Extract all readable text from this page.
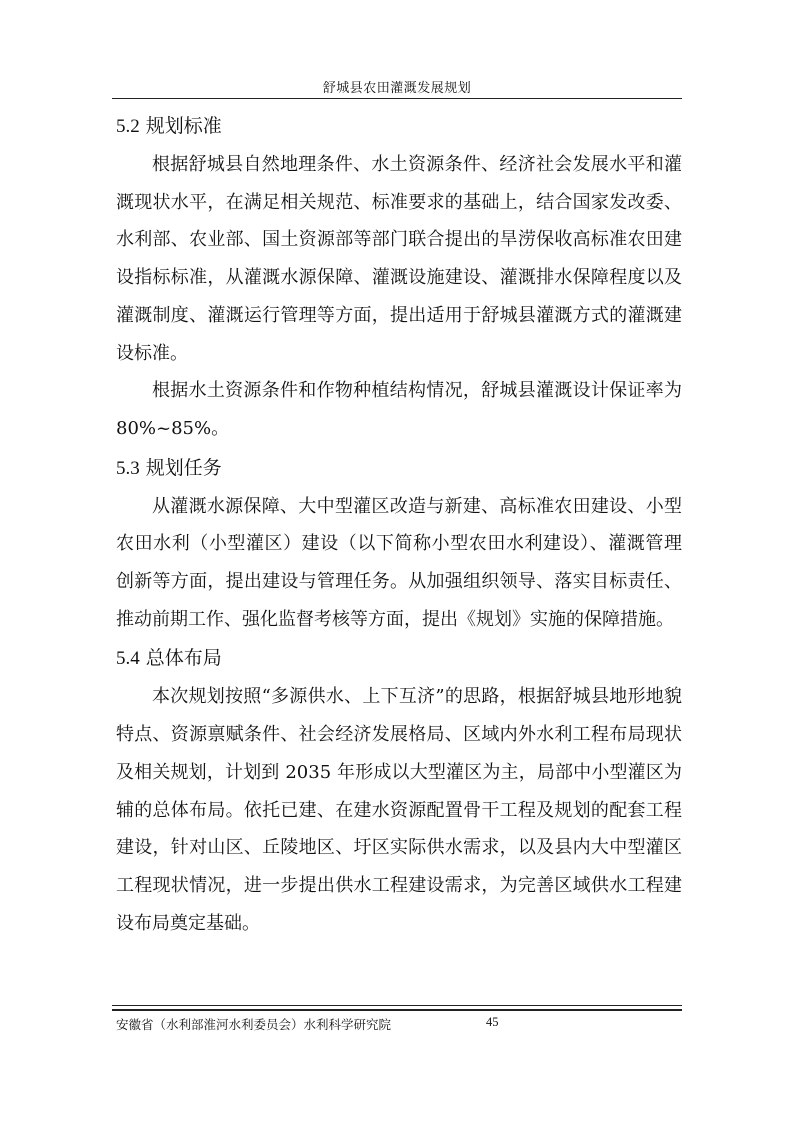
舒城县农田灌溉发展规划
5.2 规划标准

根据舒城县自然地理条件、水土资源条件、经济社会发展水平和灌溉现状水平，在满足相关规范、标准要求的基础上，结合国家发改委、水利部、农业部、国土资源部等部门联合提出的旱涝保收高标准农田建设指标标准，从灌溉水源保障、灌溉设施建设、灌溉排水保障程度以及灌溉制度、灌溉运行管理等方面，提出适用于舒城县灌溉方式的灌溉建设标准。

根据水土资源条件和作物种植结构情况，舒城县灌溉设计保证率为 80%~85%。

5.3 规划任务

从灌溉水源保障、大中型灌区改造与新建、高标准农田建设、小型农田水利（小型灌区）建设（以下简称小型农田水利建设）、灌溉管理创新等方面，提出建设与管理任务。从加强组织领导、落实目标责任、推动前期工作、强化监督考核等方面，提出《规划》实施的保障措施。

5.4 总体布局

本次规划按照“多源供水、上下互济”的思路，根据舒城县地形地貌特点、资源禀赋条件、社会经济发展格局、区域内外水利工程布局现状及相关规划，计划到 2035 年形成以大型灌区为主，局部中小型灌区为辅的总体布局。依托已建、在建水资源配置骨干工程及规划的配套工程建设，针对山区、丘陵地区、圩区实际供水需求，以及县内大中型灌区工程现状情况，进一步提出供水工程建设需求，为完善区域供水工程建设布局奠定基础。

安徽省（水利部淮河水利委员会）水利科学研究院	45
